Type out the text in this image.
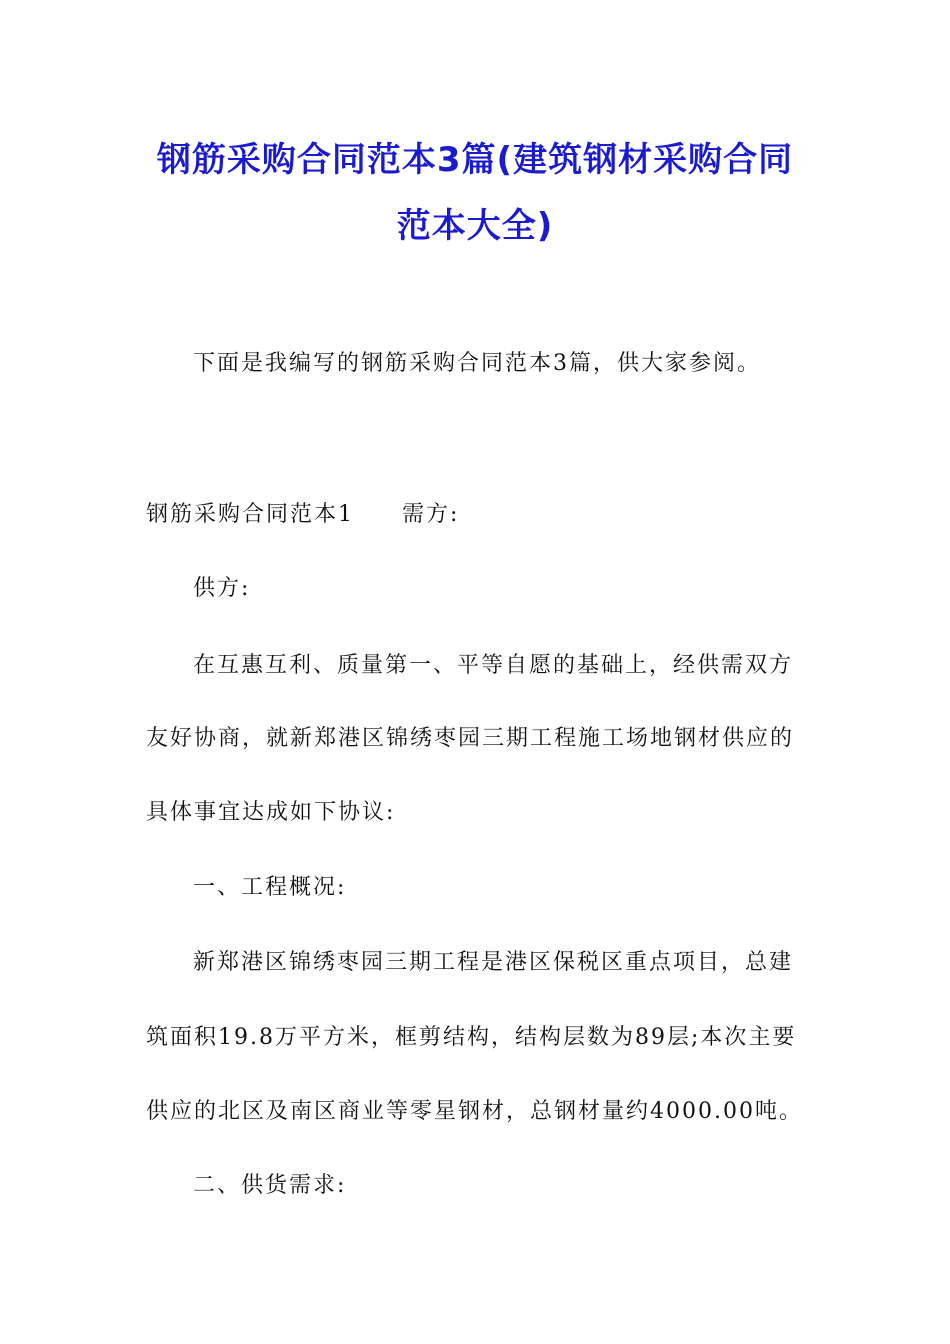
钢筋采购合同范本3篇(建筑钢材采购合同
范本大全)

下面是我编写的钢筋采购合同范本3篇，供大家参阅。

钢筋采购合同范本1 需方:

供方:

在互惠互利、质量第一、平等自愿的基础上，经供需双方

友好协商，就新郑港区锦绣枣园三期工程施工场地钢材供应的

具体事宜达成如下协议:

一、工程概况:

新郑港区锦绣枣园三期工程是港区保税区重点项目，总建

筑面积19.8万平方米，框剪结构，结构层数为89层;本次主要

供应的北区及南区商业等零星钢材，总钢材量约4000.00吨。

二、供货需求:
